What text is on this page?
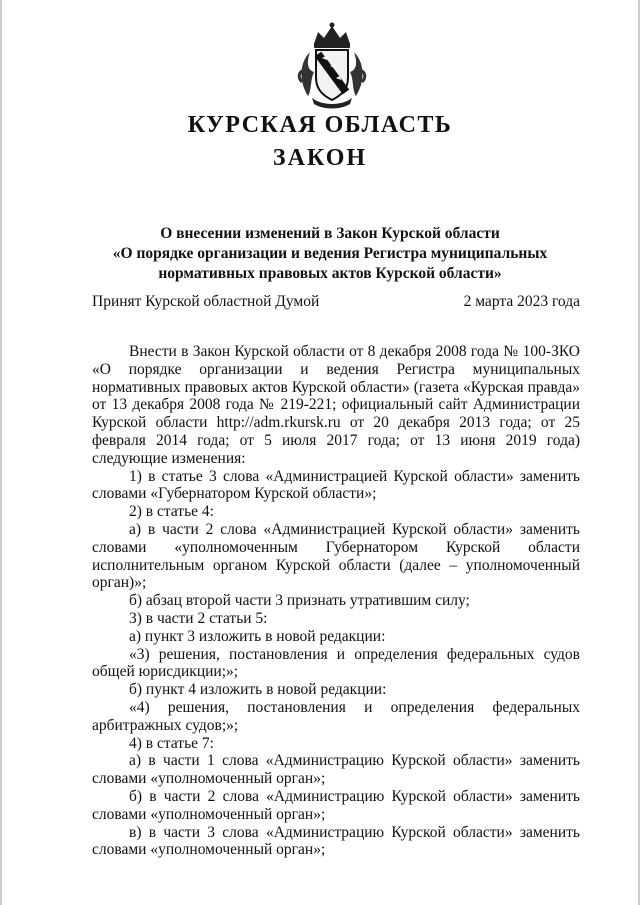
КУРСКАЯ ОБЛАСТЬ
ЗАКОН
О внесении изменений в Закон Курской области
«О порядке организации и ведения Регистра муниципальных
нормативных правовых актов Курской области»
Принят Курской областной Думой	2 марта 2023 года

Внести в Закон Курской области от 8 декабря 2008 года № 100-ЗКО «О порядке организации и ведения Регистра муниципальных нормативных правовых актов Курской области» (газета «Курская правда» от 13 декабря 2008 года № 219-221; официальный сайт Администрации Курской области http://adm.rkursk.ru от 20 декабря 2013 года; от 25 февраля 2014 года; от 5 июля 2017 года; от 13 июня 2019 года) следующие изменения:

1) в статье 3 слова «Администрацией Курской области» заменить словами «Губернатором Курской области»;

2) в статье 4:

а) в части 2 слова «Администрацией Курской области» заменить словами «уполномоченным Губернатором Курской области исполнительным органом Курской области (далее – уполномоченный орган)»;

б) абзац второй части 3 признать утратившим силу;

3) в части 2 статьи 5:

а) пункт 3 изложить в новой редакции:

«3) решения, постановления и определения федеральных судов общей юрисдикции;»;

б) пункт 4 изложить в новой редакции:

«4) решения, постановления и определения федеральных арбитражных судов;»;

4) в статье 7:

а) в части 1 слова «Администрацию Курской области» заменить словами «уполномоченный орган»;

б) в части 2 слова «Администрацию Курской области» заменить словами «уполномоченный орган»;

в) в части 3 слова «Администрацию Курской области» заменить словами «уполномоченный орган»;
